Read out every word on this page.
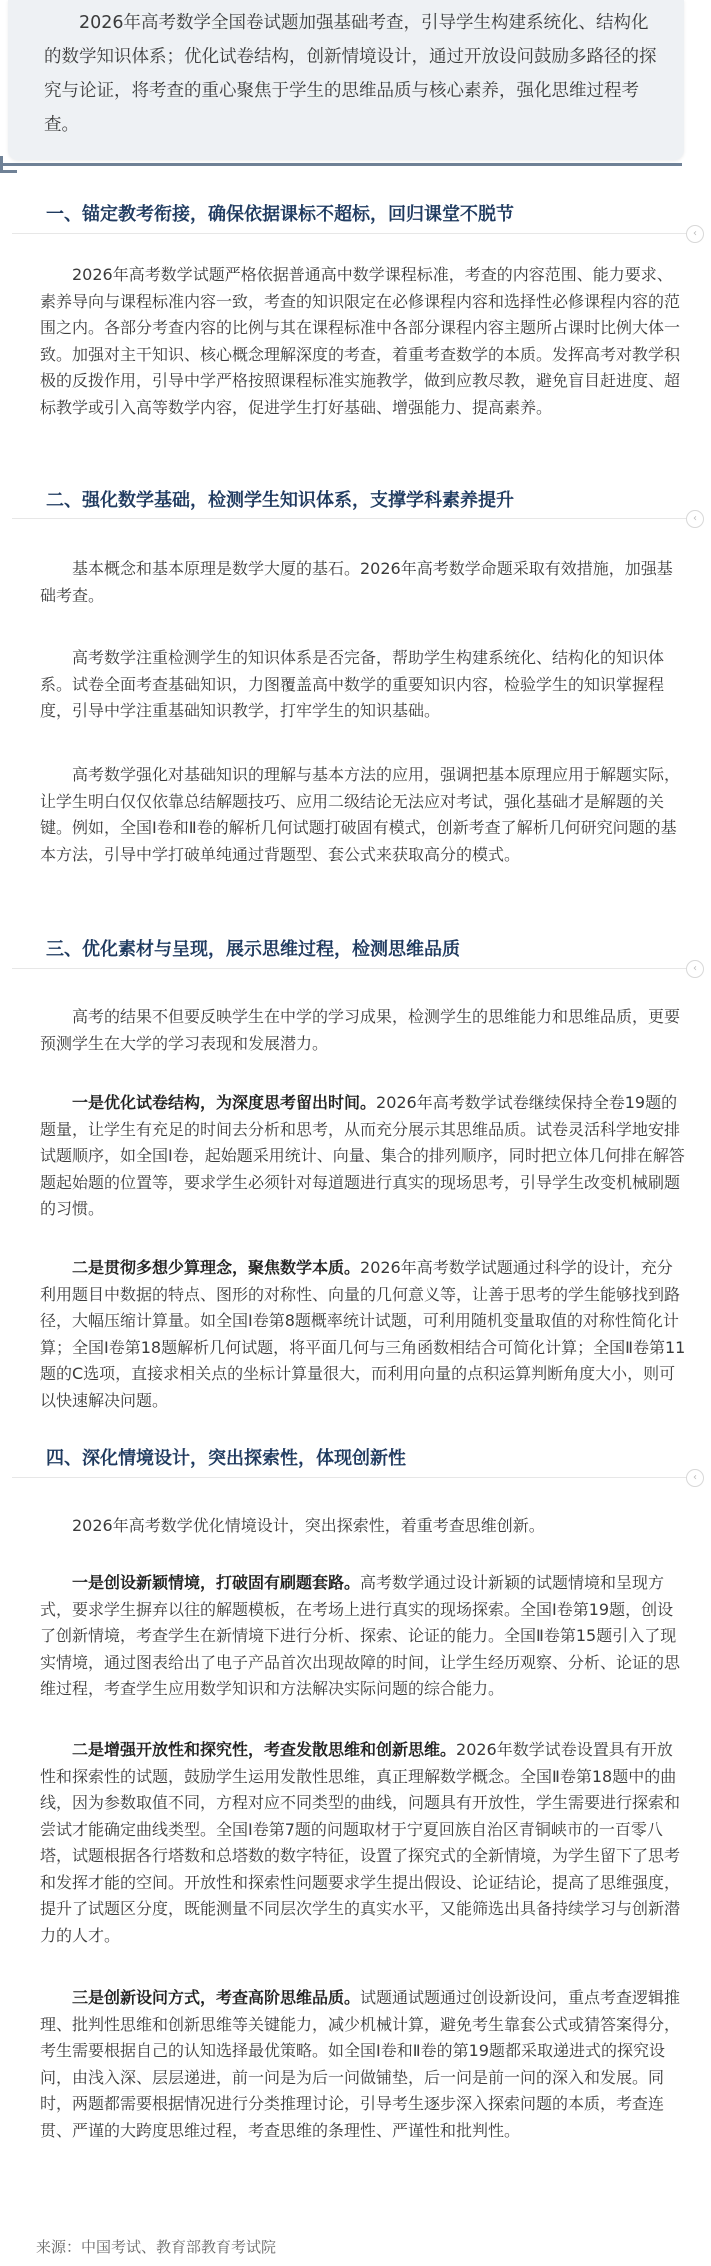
2026年高考数学全国卷试题加强基础考查，引导学生构建系统化、结构化的数学知识体系；优化试卷结构，创新情境设计，通过开放设问鼓励多路径的探究与论证，将考查的重心聚焦于学生的思维品质与核心素养，强化思维过程考查。

一、锚定教考衔接，确保依据课标不超标，回归课堂不脱节
‹

2026年高考数学试题严格依据普通高中数学课程标准，考查的内容范围、能力要求、素养导向与课程标准内容一致，考查的知识限定在必修课程内容和选择性必修课程内容的范围之内。各部分考查内容的比例与其在课程标准中各部分课程内容主题所占课时比例大体一致。加强对主干知识、核心概念理解深度的考查，着重考查数学的本质。发挥高考对教学积极的反拨作用，引导中学严格按照课程标准实施教学，做到应教尽教，避免盲目赶进度、超标教学或引入高等数学内容，促进学生打好基础、增强能力、提高素养。

二、强化数学基础，检测学生知识体系，支撑学科素养提升
‹

基本概念和基本原理是数学大厦的基石。2026年高考数学命题采取有效措施，加强基础考查。

高考数学注重检测学生的知识体系是否完备，帮助学生构建系统化、结构化的知识体系。试卷全面考查基础知识，力图覆盖高中数学的重要知识内容，检验学生的知识掌握程度，引导中学注重基础知识教学，打牢学生的知识基础。

高考数学强化对基础知识的理解与基本方法的应用，强调把基本原理应用于解题实际，让学生明白仅仅依靠总结解题技巧、应用二级结论无法应对考试，强化基础才是解题的关键。例如，全国Ⅰ卷和Ⅱ卷的解析几何试题打破固有模式，创新考查了解析几何研究问题的基本方法，引导中学打破单纯通过背题型、套公式来获取高分的模式。

三、优化素材与呈现，展示思维过程，检测思维品质
‹

高考的结果不但要反映学生在中学的学习成果，检测学生的思维能力和思维品质，更要预测学生在大学的学习表现和发展潜力。

一是优化试卷结构，为深度思考留出时间。2026年高考数学试卷继续保持全卷19题的题量，让学生有充足的时间去分析和思考，从而充分展示其思维品质。试卷灵活科学地安排试题顺序，如全国Ⅰ卷，起始题采用统计、向量、集合的排列顺序，同时把立体几何排在解答题起始题的位置等，要求学生必须针对每道题进行真实的现场思考，引导学生改变机械刷题的习惯。

二是贯彻多想少算理念，聚焦数学本质。2026年高考数学试题通过科学的设计，充分利用题目中数据的特点、图形的对称性、向量的几何意义等，让善于思考的学生能够找到路径，大幅压缩计算量。如全国Ⅰ卷第8题概率统计试题，可利用随机变量取值的对称性简化计算；全国Ⅰ卷第18题解析几何试题，将平面几何与三角函数相结合可简化计算；全国Ⅱ卷第11题的C选项，直接求相关点的坐标计算量很大，而利用向量的点积运算判断角度大小，则可以快速解决问题。

四、深化情境设计，突出探索性，体现创新性
‹

2026年高考数学优化情境设计，突出探索性，着重考查思维创新。

一是创设新颖情境，打破固有刷题套路。高考数学通过设计新颖的试题情境和呈现方式，要求学生摒弃以往的解题模板，在考场上进行真实的现场探索。全国Ⅰ卷第19题，创设了创新情境，考查学生在新情境下进行分析、探索、论证的能力。全国Ⅱ卷第15题引入了现实情境，通过图表给出了电子产品首次出现故障的时间，让学生经历观察、分析、论证的思维过程，考查学生应用数学知识和方法解决实际问题的综合能力。

二是增强开放性和探究性，考查发散思维和创新思维。2026年数学试卷设置具有开放性和探索性的试题，鼓励学生运用发散性思维，真正理解数学概念。全国Ⅱ卷第18题中的曲线，因为参数取值不同，方程对应不同类型的曲线，问题具有开放性，学生需要进行探索和尝试才能确定曲线类型。全国Ⅰ卷第7题的问题取材于宁夏回族自治区青铜峡市的一百零八塔，试题根据各行塔数和总塔数的数字特征，设置了探究式的全新情境，为学生留下了思考和发挥才能的空间。开放性和探索性问题要求学生提出假设、论证结论，提高了思维强度，提升了试题区分度，既能测量不同层次学生的真实水平，又能筛选出具备持续学习与创新潜力的人才。

三是创新设问方式，考查高阶思维品质。试题通试题通过创设新设问，重点考查逻辑推理、批判性思维和创新思维等关键能力，减少机械计算，避免考生靠套公式或猜答案得分，考生需要根据自己的认知选择最优策略。如全国Ⅰ卷和Ⅱ卷的第19题都采取递进式的探究设问，由浅入深、层层递进，前一问是为后一问做铺垫，后一问是前一问的深入和发展。同时，两题都需要根据情况进行分类推理讨论，引导考生逐步深入探索问题的本质，考查连贯、严谨的大跨度思维过程，考查思维的条理性、严谨性和批判性。

来源：中国考试、教育部教育考试院
